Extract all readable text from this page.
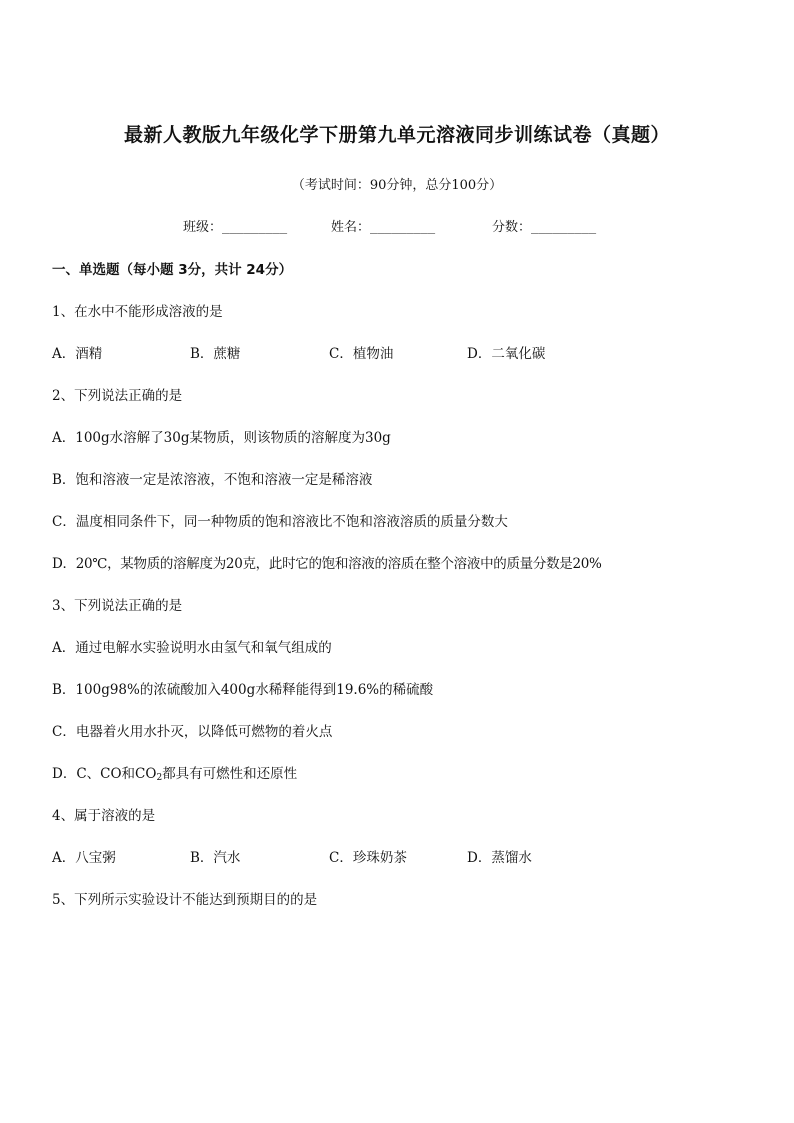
最新人教版九年级化学下册第九单元溶液同步训练试卷（真题）
（考试时间：90分钟，总分100分）
班级：_________	姓名：_________	分数：_________
一、单选题（每小题 3分，共计 24分）
1、在水中不能形成溶液的是
A．酒精	B．蔗糖	C．植物油	D．二氧化碳
2、下列说法正确的是
A．100g水溶解了30g某物质，则该物质的溶解度为30g
B．饱和溶液一定是浓溶液，不饱和溶液一定是稀溶液
C．温度相同条件下，同一种物质的饱和溶液比不饱和溶液溶质的质量分数大
D．20℃，某物质的溶解度为20克，此时它的饱和溶液的溶质在整个溶液中的质量分数是20%
3、下列说法正确的是
A．通过电解水实验说明水由氢气和氧气组成的
B．100g98%的浓硫酸加入400g水稀释能得到19.6%的稀硫酸
C．电器着火用水扑灭，以降低可燃物的着火点
D．C、CO和$CO_2$都具有可燃性和还原性
4、属于溶液的是
A．八宝粥	B．汽水	C．珍珠奶茶	D．蒸馏水
5、下列所示实验设计不能达到预期目的的是
